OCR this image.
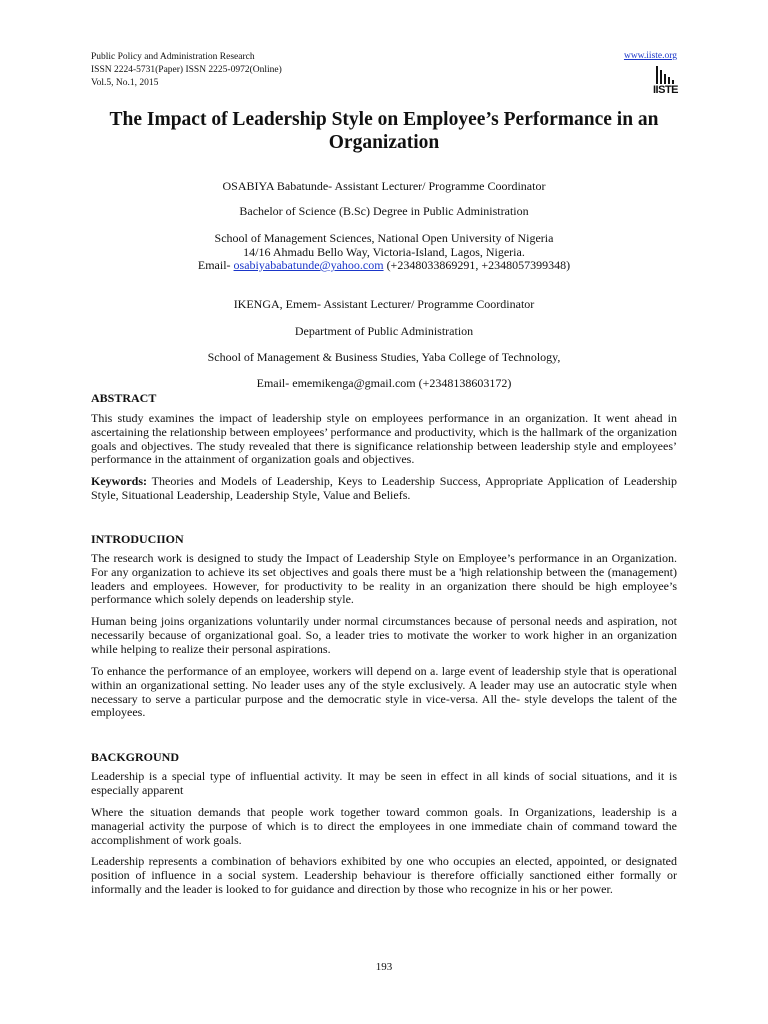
Public Policy and Administration Research
ISSN 2224-5731(Paper) ISSN 2225-0972(Online)
Vol.5, No.1, 2015
www.iiste.org

IISTE
The Impact of Leadership Style on Employee’s Performance in an Organization
OSABIYA Babatunde- Assistant Lecturer/ Programme Coordinator
Bachelor of Science (B.Sc) Degree in Public Administration
School of Management Sciences, National Open University of Nigeria
14/16 Ahmadu Bello Way, Victoria-Island, Lagos, Nigeria.
Email- osabiyababatunde@yahoo.com (+2348033869291, +2348057399348)
IKENGA, Emem- Assistant Lecturer/ Programme Coordinator
Department of Public Administration
School of Management & Business Studies, Yaba College of Technology,
Email- ememikenga@gmail.com (+2348138603172)
ABSTRACT
This study examines the impact of leadership style on employees performance in an organization. It went ahead in ascertaining the relationship between employees’ performance and productivity, which is the hallmark of the organization goals and objectives. The study revealed that there is significance relationship between leadership style and employees’ performance in the attainment of organization goals and objectives.
Keywords: Theories and Models of Leadership, Keys to Leadership Success, Appropriate Application of Leadership Style, Situational Leadership, Leadership Style, Value and Beliefs.
INTRODUCIION
The research work is designed to study the Impact of Leadership Style on Employee’s performance in an Organization. For any organization to achieve its set objectives and goals there must be a 'high relationship between the (management) leaders and employees. However, for productivity to be reality in an organization there should be high employee’s performance which solely depends on leadership style.
Human being joins organizations voluntarily under normal circumstances because of personal needs and aspiration, not necessarily because of organizational goal. So, a leader tries to motivate the worker to work higher in an organization while helping to realize their personal aspirations.
To enhance the performance of an employee, workers will depend on a. large event of leadership style that is operational within an organizational setting. No leader uses any of the style exclusively. A leader may use an autocratic style when necessary to serve a particular purpose and the democratic style in vice-versa. All the- style develops the talent of the employees.
BACKGROUND
Leadership is a special type of influential activity. It may be seen in effect in all kinds of social situations, and it is especially apparent
Where the situation demands that people work together toward common goals. In Organizations, leadership is a managerial activity the purpose of which is to direct the employees in one immediate chain of command toward the accomplishment of work goals.
Leadership represents a combination of behaviors exhibited by one who occupies an elected, appointed, or designated position of influence in a social system. Leadership behaviour is therefore officially sanctioned either formally or informally and the leader is looked to for guidance and direction by those who recognize in his or her power.
193
